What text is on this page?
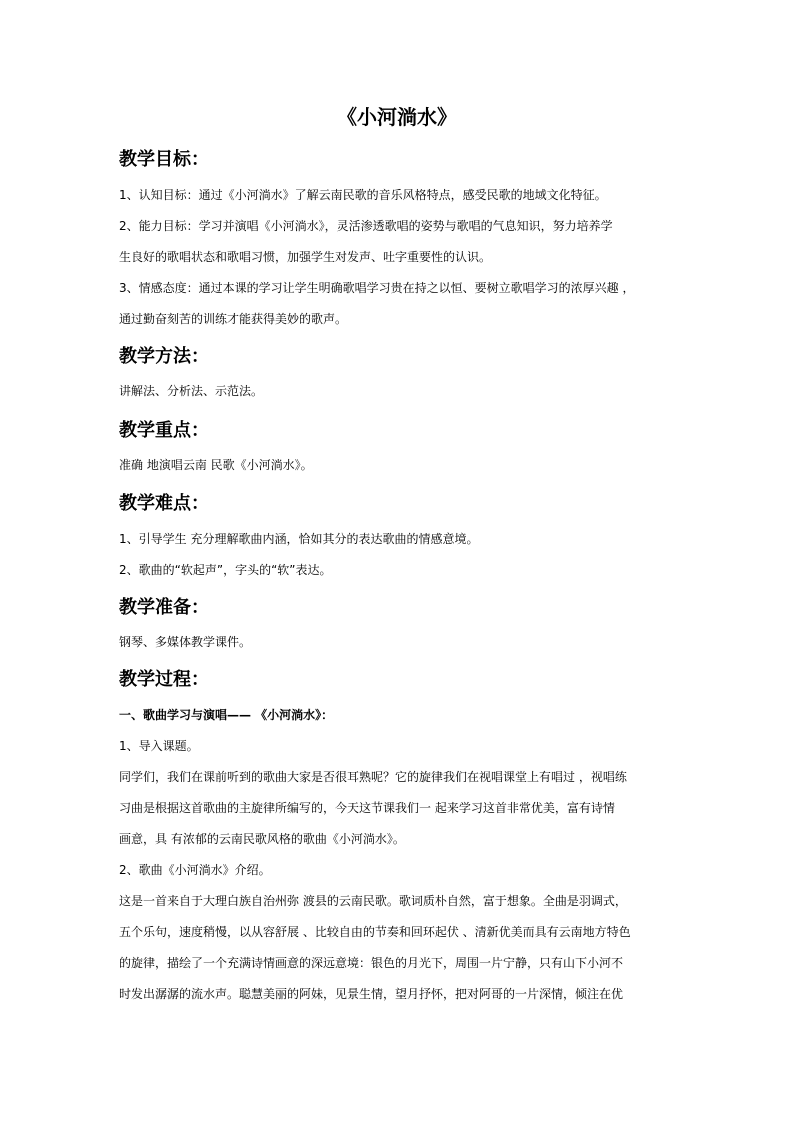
《小河淌水》
教学目标：
1、认知目标：通过《小河淌水》了解云南民歌的音乐风格特点，感受民歌的地域文化特征。
2、能力目标：学习并演唱《小河淌水》，灵活渗透歌唱的姿势与歌唱的气息知识，努力培养学
生良好的歌唱状态和歌唱习惯，加强学生对发声、吐字重要性的认识。
3、情感态度：通过本课的学习让学生明确歌唱学习贵在持之以恒、要树立歌唱学习的浓厚兴趣 ，
通过勤奋刻苦的训练才能获得美妙的歌声。
教学方法：
讲解法、分析法、示范法。
教学重点：
准确 地演唱云南 民歌《小河淌水》。
教学难点：
1、引导学生 充分理解歌曲内涵，恰如其分的表达歌曲的情感意境。
2、歌曲的“软起声”，字头的“软”表达。
教学准备：
钢琴、多媒体教学课件。
教学过程：
一、歌曲学习与演唱—— 《小河淌水》：
1、导入课题。
同学们，我们在课前听到的歌曲大家是否很耳熟呢？它的旋律我们在视唱课堂上有唱过 ，视唱练
习曲是根据这首歌曲的主旋律所编写的，今天这节课我们一 起来学习这首非常优美，富有诗情
画意，具 有浓郁的云南民歌风格的歌曲《小河淌水》。
2、歌曲《小河淌水》介绍。
这是一首来自于大理白族自治州弥 渡县的云南民歌。歌词质朴自然，富于想象。全曲是羽调式，
五个乐句，速度稍慢，以从容舒展 、比较自由的节奏和回环起伏 、清新优美而具有云南地方特色
的旋律，描绘了一个充满诗情画意的深远意境：银色的月光下，周围一片宁静，只有山下小河不
时发出潺潺的流水声。聪慧美丽的阿妹，见景生情，望月抒怀，把对阿哥的一片深情，倾注在优
